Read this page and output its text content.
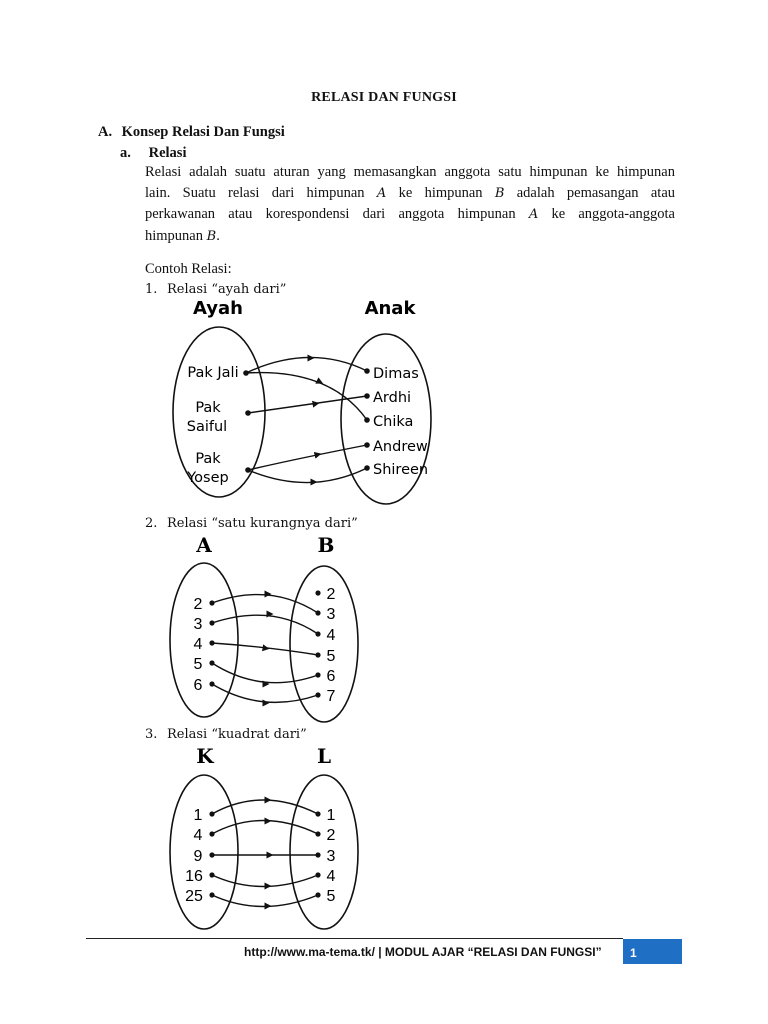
RELASI DAN FUNGSI
A. Konsep Relasi Dan Fungsi
a. Relasi
Relasi adalah suatu aturan yang memasangkan anggota satu himpunan ke himpunan
lain. Suatu relasi dari himpunan A ke himpunan B adalah pemasangan atau
perkawanan atau korespondensi dari anggota himpunan A ke anggota-anggota
himpunan B.
Contoh Relasi:
1. Relasi “ayah dari”
2. Relasi “satu kurangnya dari”
3. Relasi “kuadrat dari”
Ayah	Anak
Pak Jali
Pak
Saiful
Pak
Yosep
Dimas
Ardhi
Chika
Andrew
Shireen
A	B
2
3
4
5
6
2
3
4
5
6
7
K	L
1
4
9
16
25
1
2
3
4
5
http://www.ma-tema.tk/ | MODUL AJAR “RELASI DAN FUNGSI” 1
